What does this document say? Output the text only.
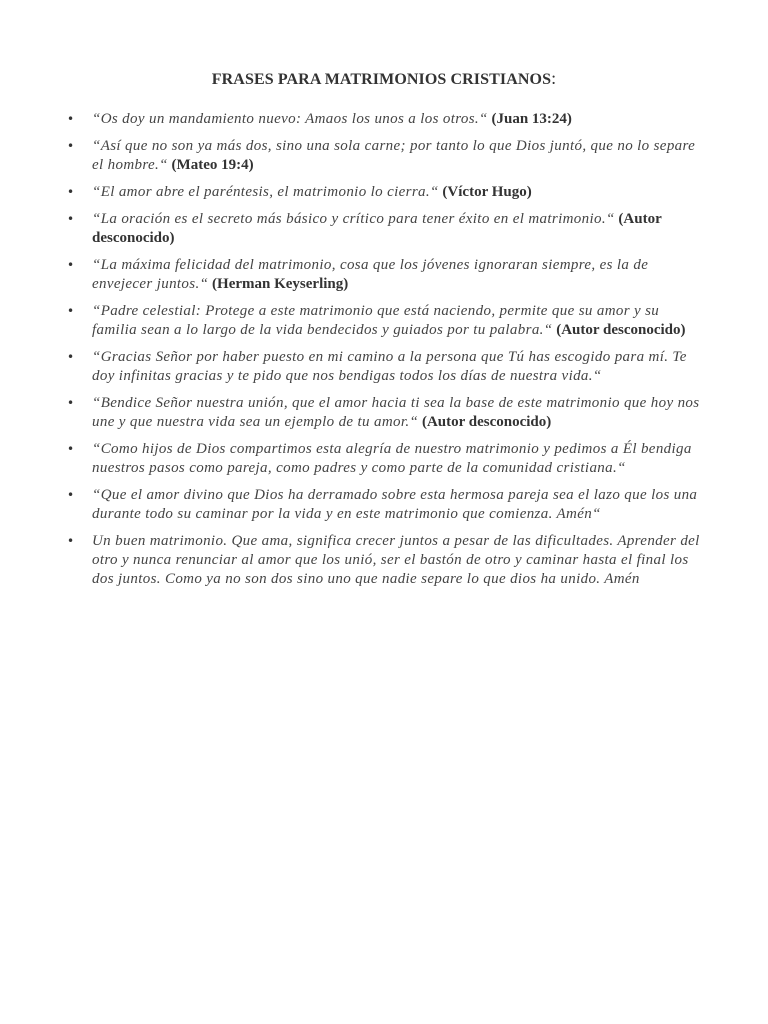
FRASES PARA MATRIMONIOS CRISTIANOS:
• “Os doy un mandamiento nuevo: Amaos los unos a los otros.“ (Juan 13:24)
• “Así que no son ya más dos, sino una sola carne; por tanto lo que Dios juntó, que no lo separe el hombre.“ (Mateo 19:4)
• “El amor abre el paréntesis, el matrimonio lo cierra.“ (Víctor Hugo)
• “La oración es el secreto más básico y crítico para tener éxito en el matrimonio.“ (Autor desconocido)
• “La máxima felicidad del matrimonio, cosa que los jóvenes ignoraran siempre, es la de envejecer juntos.“ (Herman Keyserling)
• “Padre celestial: Protege a este matrimonio que está naciendo, permite que su amor y su familia sean a lo largo de la vida bendecidos y guiados por tu palabra.“ (Autor desconocido)
• “Gracias Señor por haber puesto en mi camino a la persona que Tú has escogido para mí. Te doy infinitas gracias y te pido que nos bendigas todos los días de nuestra vida.“
• “Bendice Señor nuestra unión, que el amor hacia ti sea la base de este matrimonio que hoy nos une y que nuestra vida sea un ejemplo de tu amor.“ (Autor desconocido)
• “Como hijos de Dios compartimos esta alegría de nuestro matrimonio y pedimos a Él bendiga nuestros pasos como pareja, como padres y como parte de la comunidad cristiana.“
• “Que el amor divino que Dios ha derramado sobre esta hermosa pareja sea el lazo que los una durante todo su caminar por la vida y en este matrimonio que comienza. Amén“
• Un buen matrimonio. Que ama, significa crecer juntos a pesar de las dificultades. Aprender del otro y nunca renunciar al amor que los unió, ser el bastón de otro y caminar hasta el final los dos juntos. Como ya no son dos sino uno que nadie separe lo que dios ha unido. Amén
